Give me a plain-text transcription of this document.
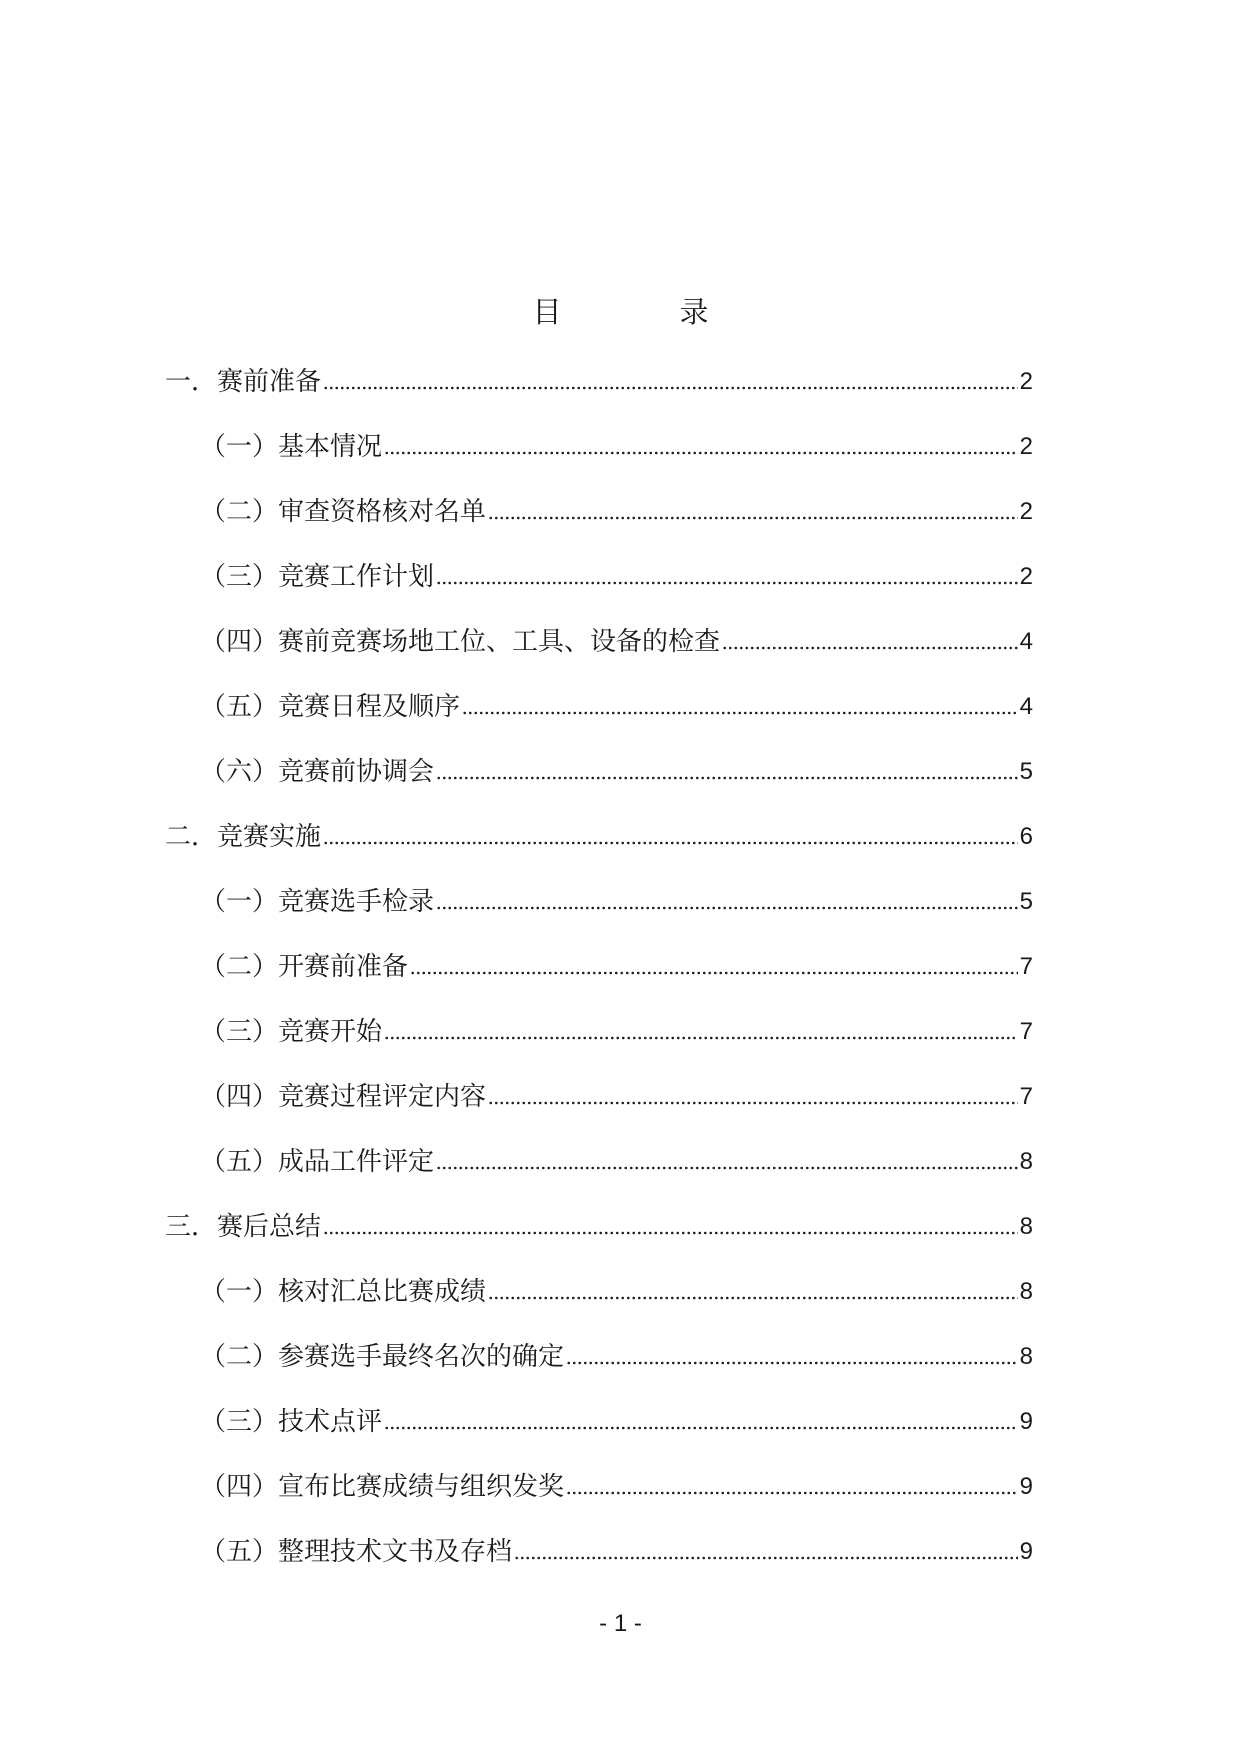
目	录
一．赛前准备	2
（一）基本情况	2
（二）审查资格核对名单	2
（三）竞赛工作计划	2
（四）赛前竞赛场地工位、工具、设备的检查	4
（五）竞赛日程及顺序	4
（六）竞赛前协调会	5
二．竞赛实施	6
（一）竞赛选手检录	5
（二）开赛前准备	7
（三）竞赛开始	7
（四）竞赛过程评定内容	7
（五）成品工件评定	8
三．赛后总结	8
（一）核对汇总比赛成绩	8
（二）参赛选手最终名次的确定	8
（三）技术点评	9
（四）宣布比赛成绩与组织发奖	9
（五）整理技术文书及存档	9
- 1 -
